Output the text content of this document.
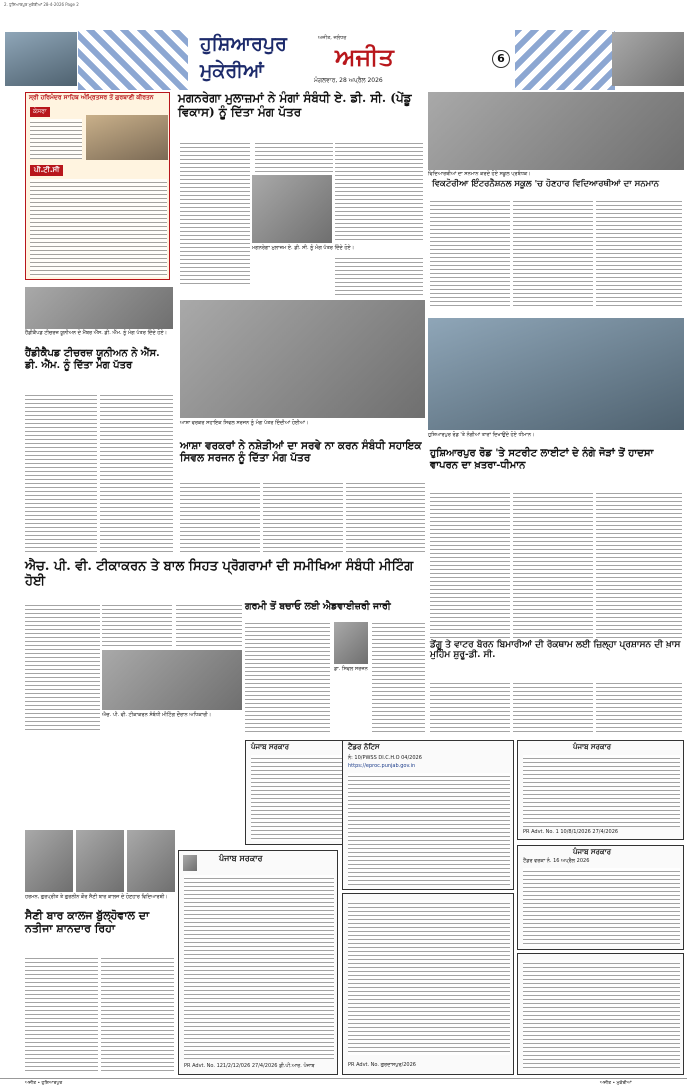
2. ਹੁਸ਼ਿਆਰਪੁਰ ਮੁਕੇਰੀਆਂ 28-4-2026 Page 2
ਹੁਸ਼ਿਆਰਪੁਰ
ਮੁਕੇਰੀਆਂ
ਅਜੀਤ, ਜਲੰਧਰ
ਅਜੀਤ
ਮੰਗਲਵਾਰ, 28 ਅਪ੍ਰੈਲ 2026
6
ਸ੍ਰੀ ਹਰਿਮੰਦਰ ਸਾਹਿਬ ਅੰਮ੍ਰਿਤਸਰ ਤੋਂ ਗੁਰਬਾਣੀ ਕੀਰਤਨ
ਕੇਸਰਾ
ਪੀ.ਟੀ.ਸੀ
ਮਗਨਰੇਗਾ ਮੁਲਾਜ਼ਮਾਂ ਨੇ ਮੰਗਾਂ ਸੰਬੰਧੀ ਏ. ਡੀ. ਸੀ. (ਪੇਂਡੂ ਵਿਕਾਸ) ਨੂੰ ਦਿੱਤਾ ਮੰਗ ਪੱਤਰ
ਮਗਨਰੇਗਾ ਮੁਲਾਜ਼ਮ ਏ. ਡੀ. ਸੀ. ਨੂੰ ਮੰਗ ਪੱਤਰ ਦਿੰਦੇ ਹੋਏ।
ਵਿਦਿਆਰਥੀਆਂ ਦਾ ਸਨਮਾਨ ਕਰਦੇ ਹੋਏ ਸਕੂਲ ਪ੍ਰਬੰਧਕ।
ਵਿਕਟੋਰੀਆ ਇੰਟਰਨੈਸ਼ਨਲ ਸਕੂਲ 'ਚ ਹੋਣਹਾਰ ਵਿਦਿਆਰਥੀਆਂ ਦਾ ਸਨਮਾਨ
ਹੈਂਡੀਕੈਪਡ ਟੀਚਰਜ਼ ਯੂਨੀਅਨ ਦੇ ਮੈਂਬਰ ਐੱਸ. ਡੀ. ਐੱਮ. ਨੂੰ ਮੰਗ ਪੱਤਰ ਦਿੰਦੇ ਹੋਏ।
ਹੈਂਡੀਕੈਪਡ ਟੀਚਰਜ਼ ਯੂਨੀਅਨ ਨੇ ਐੱਸ. ਡੀ. ਐੱਮ. ਨੂੰ ਦਿੱਤਾ ਮੰਗ ਪੱਤਰ
ਆਸ਼ਾ ਵਰਕਰ ਸਹਾਇਕ ਸਿਵਲ ਸਰਜਨ ਨੂੰ ਮੰਗ ਪੱਤਰ ਦਿੰਦੀਆਂ ਹੋਈਆਂ।
ਆਸ਼ਾ ਵਰਕਰਾਂ ਨੇ ਨਸ਼ੇੜੀਆਂ ਦਾ ਸਰਵੇ ਨਾ ਕਰਨ ਸੰਬੰਧੀ ਸਹਾਇਕ ਸਿਵਲ ਸਰਜਨ ਨੂੰ ਦਿੱਤਾ ਮੰਗ ਪੱਤਰ
ਹੁਸ਼ਿਆਰਪੁਰ ਰੋਡ 'ਤੇ ਨੰਗੀਆਂ ਤਾਰਾਂ ਦਿਖਾਉਂਦੇ ਹੋਏ ਧੀਮਾਨ।
ਹੁਸ਼ਿਆਰਪੁਰ ਰੋਡ 'ਤੇ ਸਟਰੀਟ ਲਾਈਟਾਂ ਦੇ ਨੰਗੇ ਜੋੜਾਂ ਤੋਂ ਹਾਦਸਾ ਵਾਪਰਨ ਦਾ ਖ਼ਤਰਾ-ਧੀਮਾਨ
ਐਚ. ਪੀ. ਵੀ. ਟੀਕਾਕਰਨ ਤੇ ਬਾਲ ਸਿਹਤ ਪ੍ਰੋਗਰਾਮਾਂ ਦੀ ਸਮੀਖਿਆ ਸੰਬੰਧੀ ਮੀਟਿੰਗ ਹੋਈ
ਐਚ. ਪੀ. ਵੀ. ਟੀਕਾਕਰਨ ਸੰਬੰਧੀ ਮੀਟਿੰਗ ਦੌਰਾਨ ਅਧਿਕਾਰੀ।
ਗਰਮੀ ਤੋਂ ਬਚਾਓ ਲਈ ਐਡਵਾਈਜ਼ਰੀ ਜਾਰੀ
ਡਾ. ਸਿਵਲ ਸਰਜਨ
ਡੇਂਗੂ ਤੇ ਵਾਟਰ ਬੋਰਨ ਬਿਮਾਰੀਆਂ ਦੀ ਰੋਕਥਾਮ ਲਈ ਜ਼ਿਲ੍ਹਾ ਪ੍ਰਸ਼ਾਸਨ ਦੀ ਖ਼ਾਸ ਮੁਹਿੰਮ ਸ਼ੁਰੂ-ਡੀ. ਸੀ.
ਪੰਜਾਬ ਸਰਕਾਰ	ਟੈਂਡਰ ਨੋਟਿਸ
ਨੰ: 10/PWSS DI.C.H.O 04/2026
https://eproc.punjab.gov.in
ਪੰਜਾਬ ਸਰਕਾਰ
PR Advt. No. 1 10/8/1/2026 27/4/2026
ਪੰਜਾਬ ਸਰਕਾਰ
ਟੈਂਡਰ ਵਰਕਾ ਨੰ. 16 ਅਪ੍ਰੈਲ 2026
ਪੰਜਾਬ ਸਰਕਾਰ
PR Advt. No. 121/2/12/026 27/4/2026 ਡੀ.ਪੀ.ਆਰ. ਪੰਜਾਬ	PR Advt. No. ਗੁਰਦਾਸਪੁਰ/2026
ਹਰਮਨ, ਗੁਰਪ੍ਰੀਤ ਤੇ ਗੁਰਲੀਨ ਕੌਰ ਸੈਣੀ ਬਾਰ ਕਾਲਜ ਦੇ ਹੋਣਹਾਰ ਵਿਦਿਆਰਥੀ।
ਸੈਣੀ ਬਾਰ ਕਾਲਜ ਬੁੱਲ੍ਹੋਵਾਲ ਦਾ ਨਤੀਜਾ ਸ਼ਾਨਦਾਰ ਰਿਹਾ
ਅਜੀਤ • ਹੁਸ਼ਿਆਰਪੁਰ	ਅਜੀਤ • ਮੁਕੇਰੀਆਂ
